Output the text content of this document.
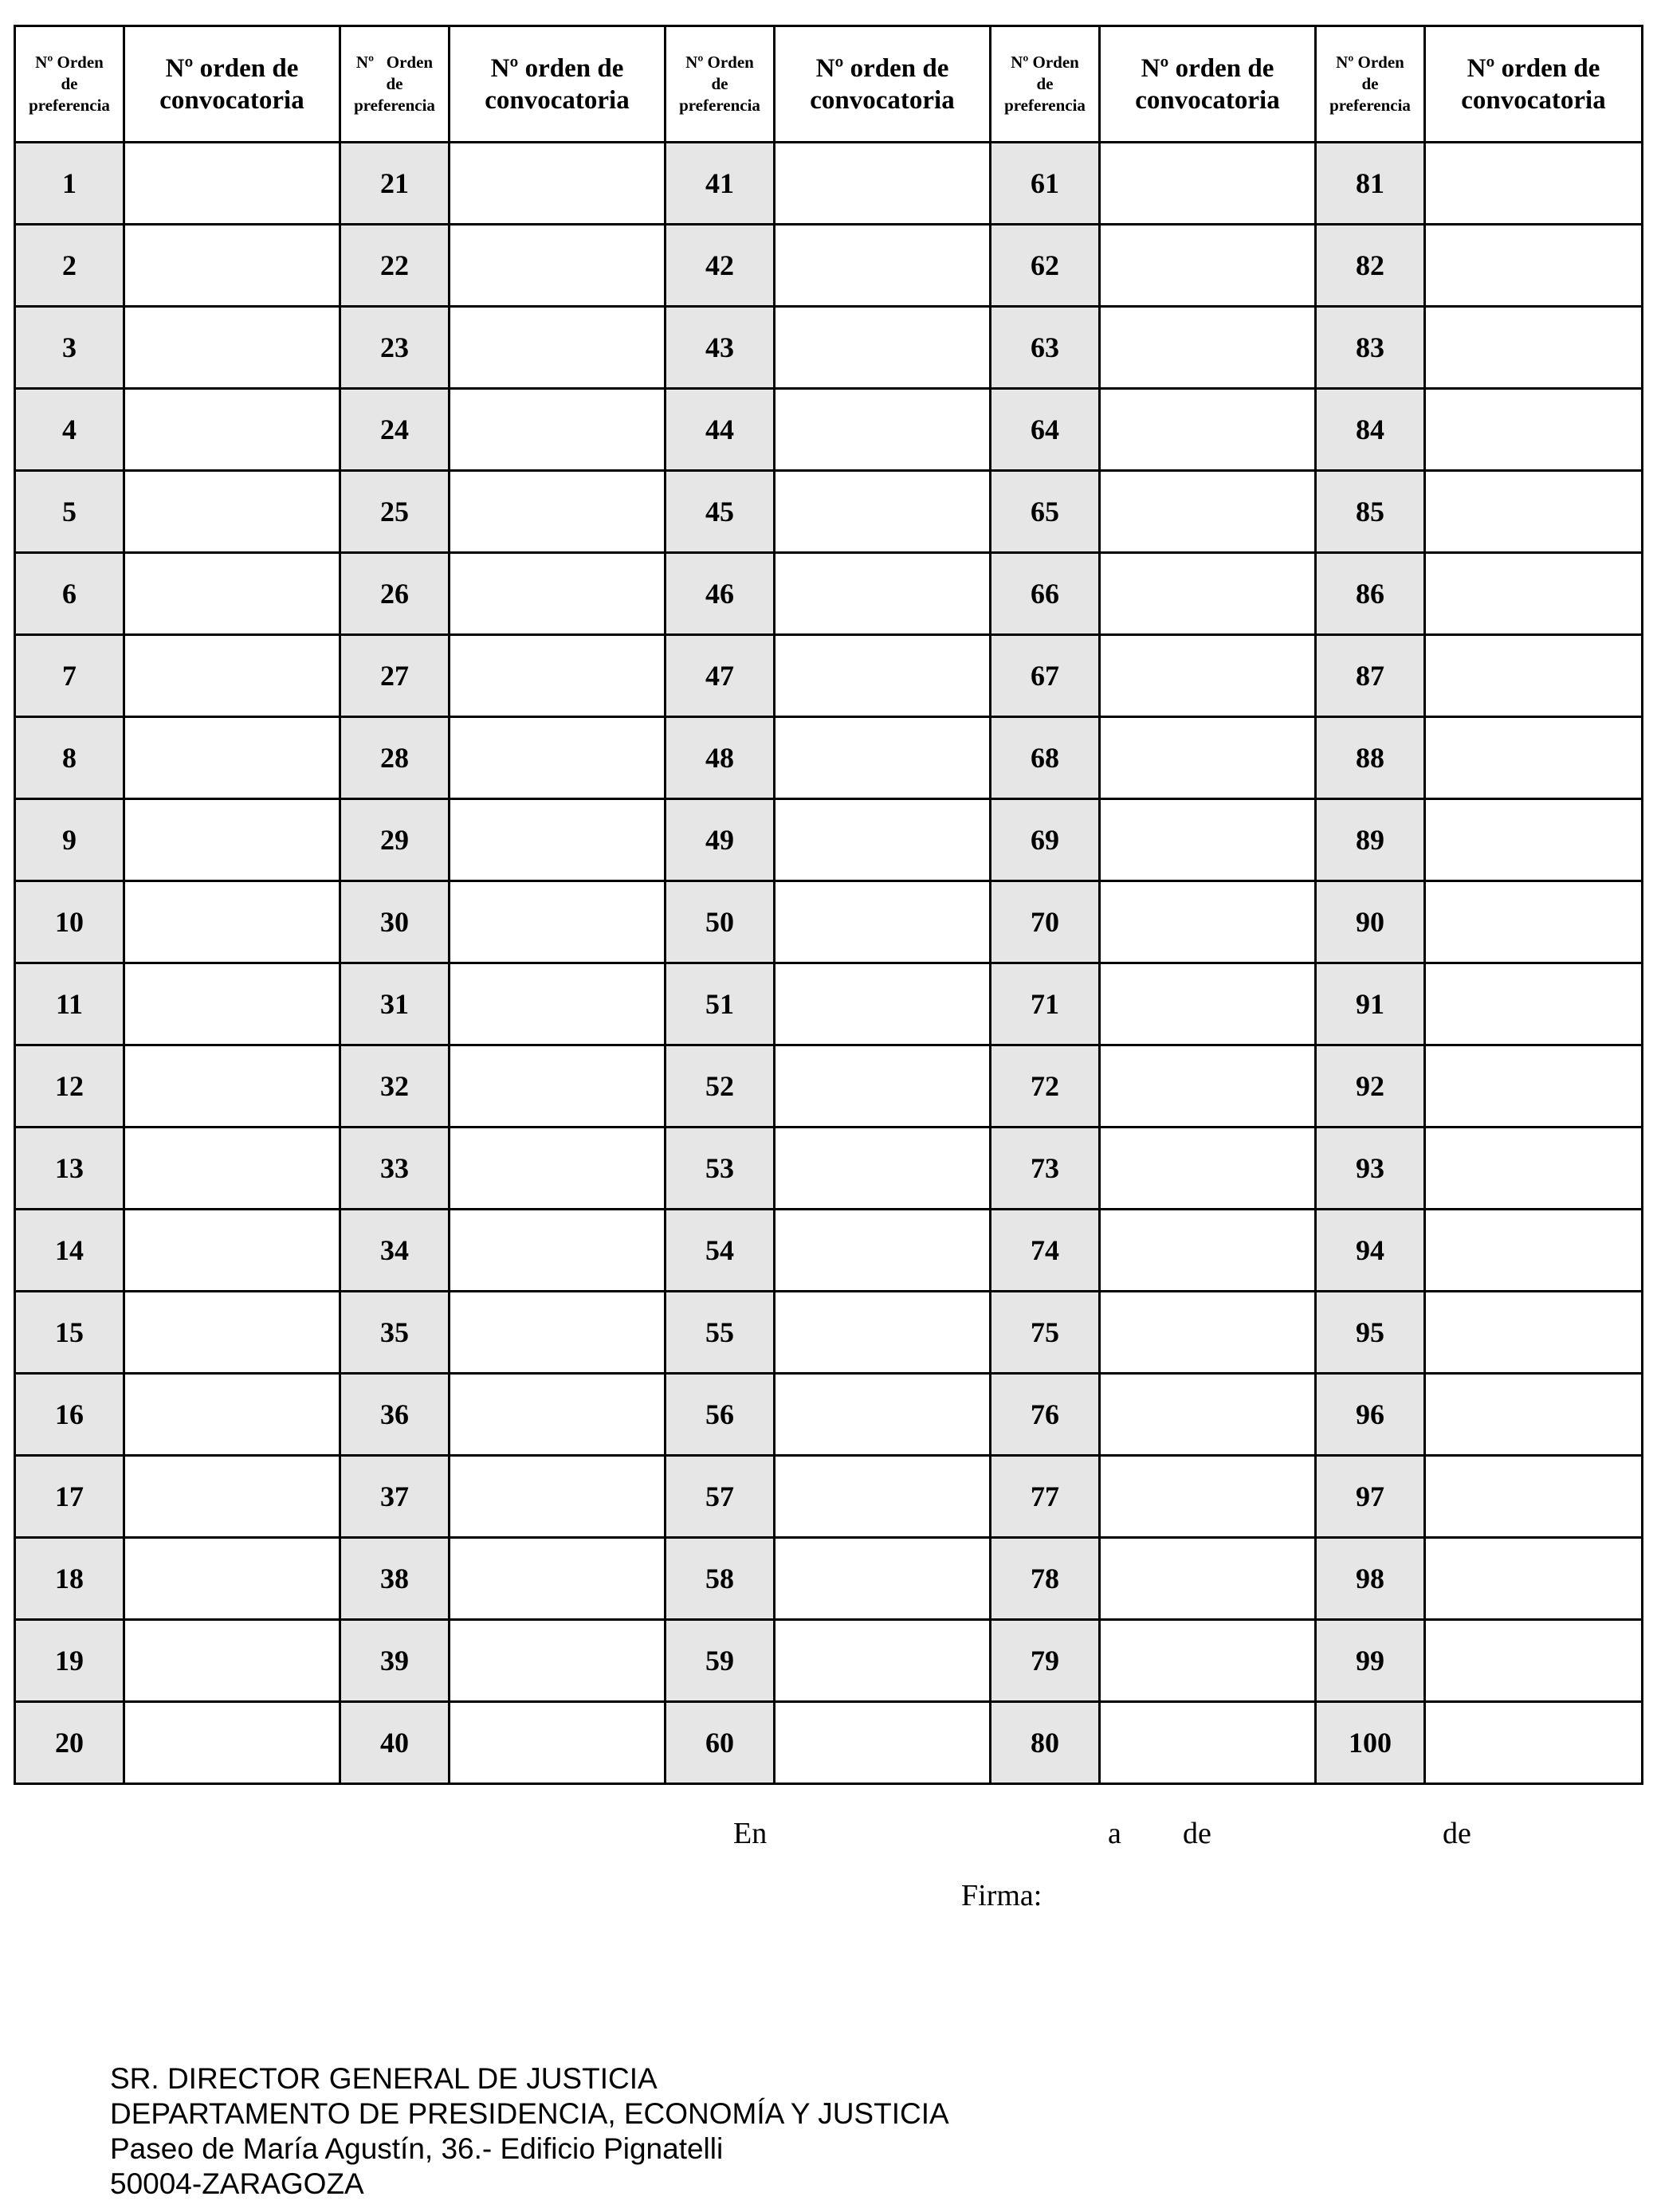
Nº Orden
de
preferencia	Nº orden de
convocatoria	Nº   Orden
de
preferencia	Nº orden de
convocatoria	Nº Orden
de
preferencia	Nº orden de
convocatoria	Nº Orden
de
preferencia	Nº orden de
convocatoria	Nº Orden
de
preferencia	Nº orden de
convocatoria
1		21		41		61		81	
2		22		42		62		82	
3		23		43		63		83	
4		24		44		64		84	
5		25		45		65		85	
6		26		46		66		86	
7		27		47		67		87	
8		28		48		68		88	
9		29		49		69		89	
10		30		50		70		90	
11		31		51		71		91	
12		32		52		72		92	
13		33		53		73		93	
14		34		54		74		94	
15		35		55		75		95	
16		36		56		76		96	
17		37		57		77		97	
18		38		58		78		98	
19		39		59		79		99	
20		40		60		80		100	
En	a de	de
Firma:
SR. DIRECTOR GENERAL DE JUSTICIA
DEPARTAMENTO DE PRESIDENCIA, ECONOMÍA Y JUSTICIA
Paseo de María Agustín, 36.- Edificio Pignatelli
50004-ZARAGOZA
